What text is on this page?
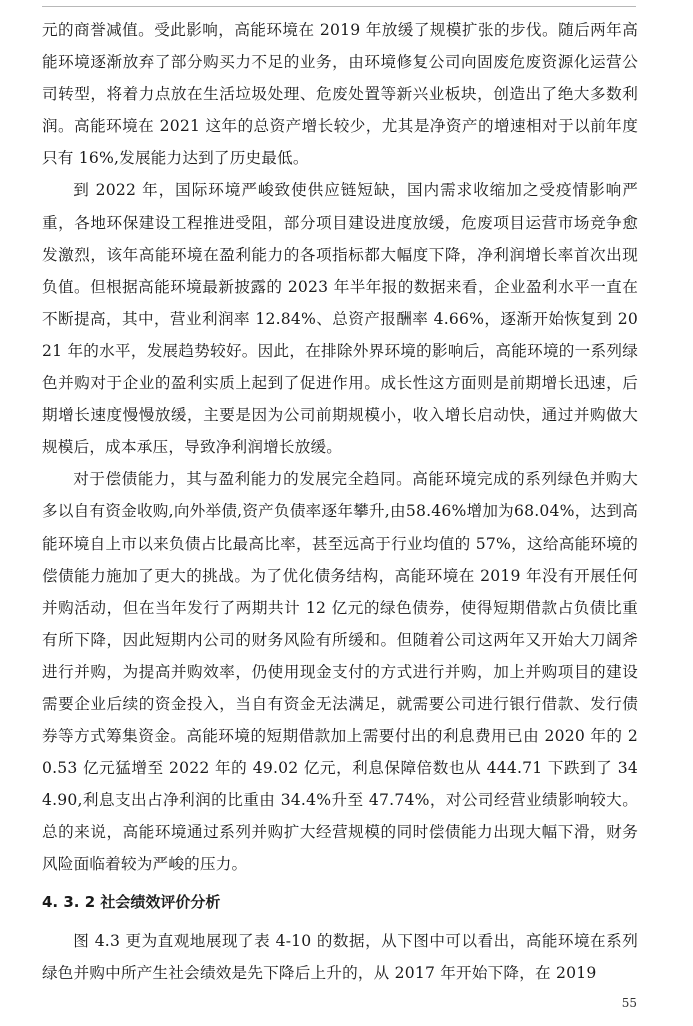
元的商誉减值。受此影响，高能环境在 2019 年放缓了规模扩张的步伐。随后两年高能环境逐渐放弃了部分购买力不足的业务，由环境修复公司向固废危废资源化运营公司转型，将着力点放在生活垃圾处理、危废处置等新兴业板块，创造出了绝大多数利润。高能环境在 2021 这年的总资产增长较少，尤其是净资产的增速相对于以前年度只有 16%,发展能力达到了历史最低。

到 2022 年，国际环境严峻致使供应链短缺，国内需求收缩加之受疫情影响严重，各地环保建设工程推进受阻，部分项目建设进度放缓，危废项目运营市场竞争愈发激烈，该年高能环境在盈利能力的各项指标都大幅度下降，净利润增长率首次出现负值。但根据高能环境最新披露的 2023 年半年报的数据来看，企业盈利水平一直在不断提高，其中，营业利润率 12.84%、总资产报酬率 4.66%，逐渐开始恢复到 2021 年的水平，发展趋势较好。因此，在排除外界环境的影响后，高能环境的一系列绿色并购对于企业的盈利实质上起到了促进作用。成长性这方面则是前期增长迅速，后期增长速度慢慢放缓，主要是因为公司前期规模小，收入增长启动快，通过并购做大规模后，成本承压，导致净利润增长放缓。

对于偿债能力，其与盈利能力的发展完全趋同。高能环境完成的系列绿色并购大多以自有资金收购,向外举债,资产负债率逐年攀升,由58.46%增加为68.04%，达到高能环境自上市以来负债占比最高比率，甚至远高于行业均值的 57%，这给高能环境的偿债能力施加了更大的挑战。为了优化债务结构，高能环境在 2019 年没有开展任何并购活动，但在当年发行了两期共计 12 亿元的绿色债券，使得短期借款占负债比重有所下降，因此短期内公司的财务风险有所缓和。但随着公司这两年又开始大刀阔斧进行并购，为提高并购效率，仍使用现金支付的方式进行并购，加上并购项目的建设需要企业后续的资金投入，当自有资金无法满足，就需要公司进行银行借款、发行债券等方式筹集资金。高能环境的短期借款加上需要付出的利息费用已由 2020 年的 20.53 亿元猛增至 2022 年的 49.02 亿元，利息保障倍数也从 444.71 下跌到了 344.90,利息支出占净利润的比重由 34.4%升至 47.74%，对公司经营业绩影响较大。总的来说，高能环境通过系列并购扩大经营规模的同时偿债能力出现大幅下滑，财务风险面临着较为严峻的压力。

4. 3. 2 社会绩效评价分析

图 4.3 更为直观地展现了表 4-10 的数据，从下图中可以看出，高能环境在系列绿色并购中所产生社会绩效是先下降后上升的，从 2017 年开始下降，在 2019

55
